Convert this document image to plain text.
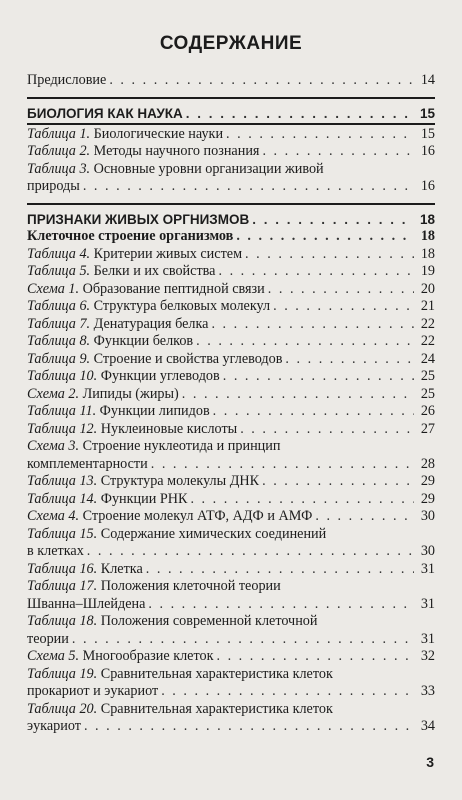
СОДЕРЖАНИЕ
Предисловие . . .	14
БИОЛОГИЯ КАК НАУКА . . .	15
Таблица 1. Биологические науки . . .	15
Таблица 2. Методы научного познания . . .	16
Таблица 3. Основные уровни организации живой
природы . . .	16
ПРИЗНАКИ ЖИВЫХ ОРГНИЗМОВ . . .	18
Клеточное строение организмов . . .	18
Таблица 4. Критерии живых систем . . .	18
Таблица 5. Белки и их свойства . . .	19
Схема 1. Образование пептидной связи . . .	20
Таблица 6. Структура белковых молекул . . .	21
Таблица 7. Денатурация белка . . .	22
Таблица 8. Функции белков . . .	22
Таблица 9. Строение и свойства углеводов . . .	24
Таблица 10. Функции углеводов . . .	25
Схема 2. Липиды (жиры) . . .	25
Таблица 11. Функции липидов . . .	26
Таблица 12. Нуклеиновые кислоты . . .	27
Схема 3. Строение нуклеотида и принцип
комплементарности . . .	28
Таблица 13. Структура молекулы ДНК . . .	29
Таблица 14. Функции РНК . . .	29
Схема 4. Строение молекул АТФ, АДФ и АМФ . . .	30
Таблица 15. Содержание химических соединений
в клетках . . .	30
Таблица 16. Клетка . . .	31
Таблица 17. Положения клеточной теории
Шванна–Шлейдена . . .	31
Таблица 18. Положения современной клеточной
теории . . .	31
Схема 5. Многообразие клеток . . .	32
Таблица 19. Сравнительная характеристика клеток
прокариот и эукариот . . .	33
Таблица 20. Сравнительная характеристика клеток
эукариот . . .	34
3
